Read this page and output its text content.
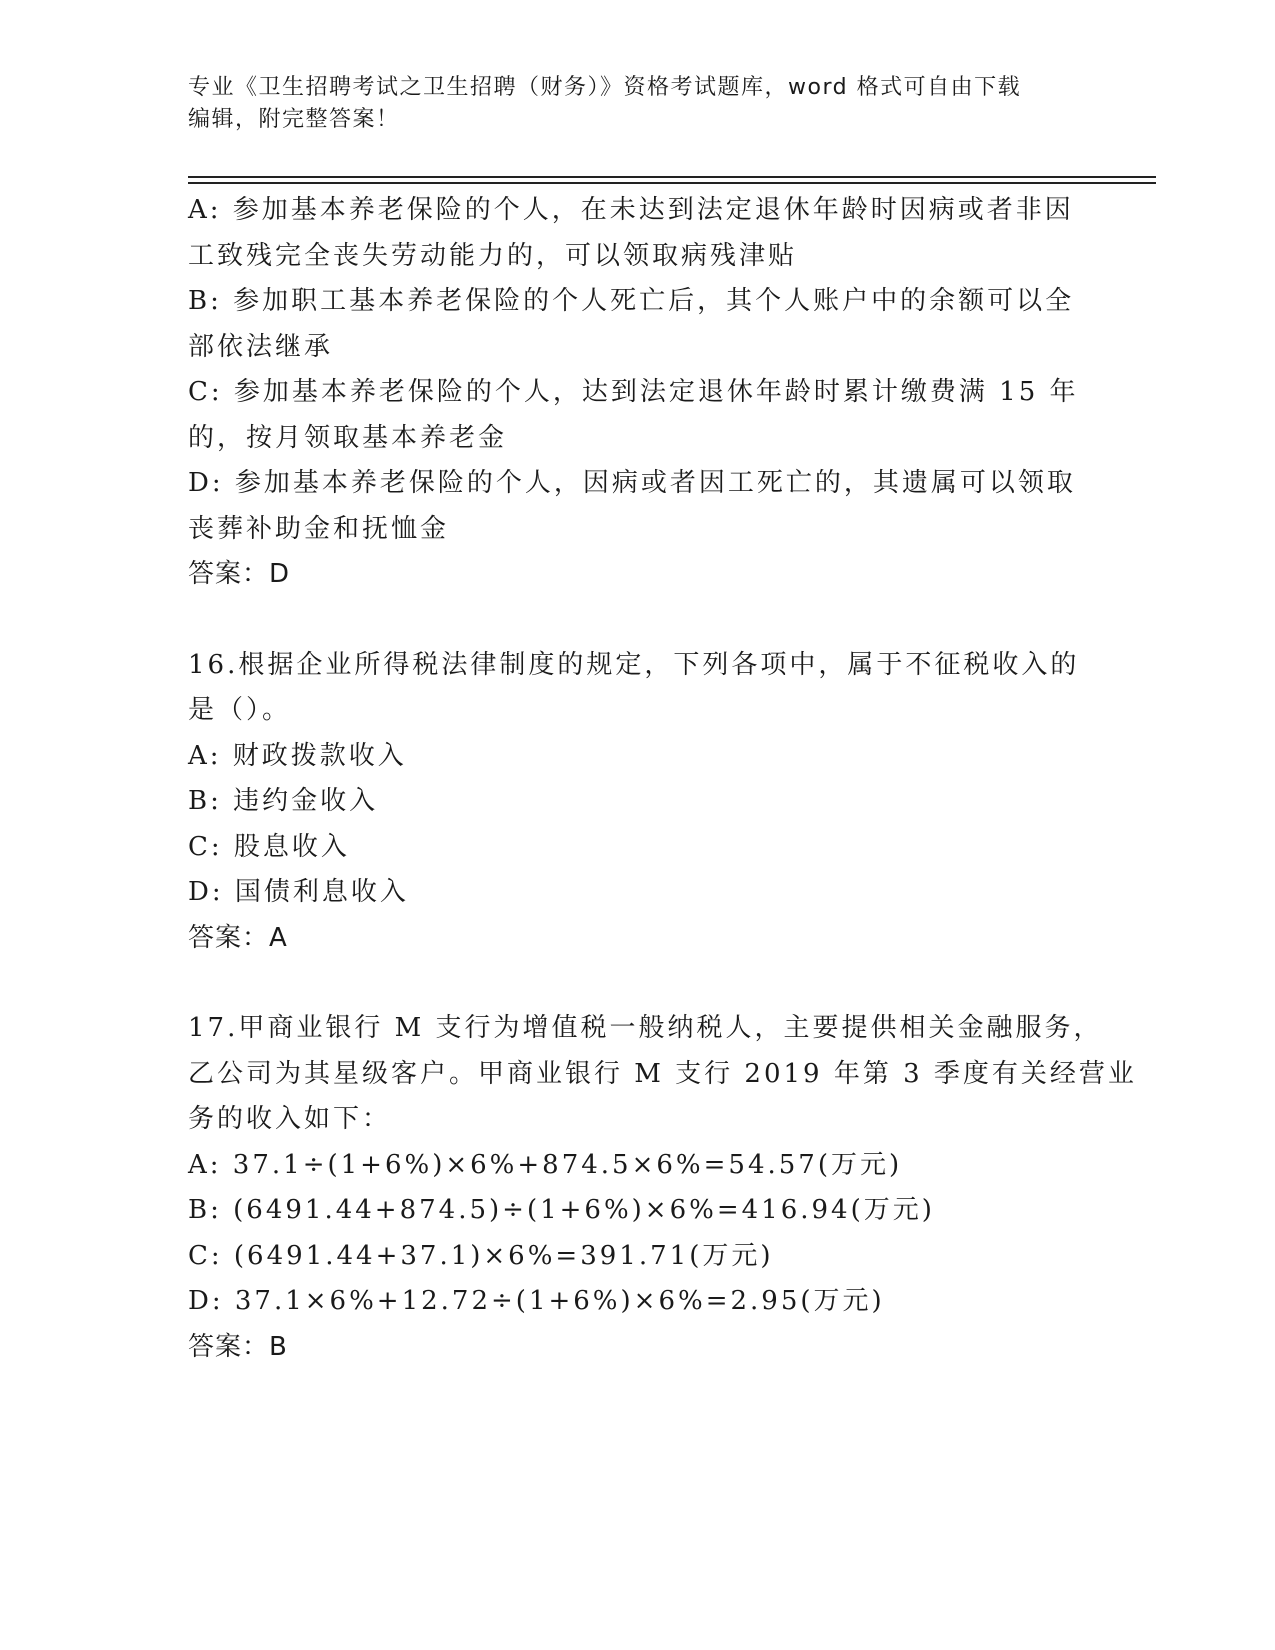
专业《卫生招聘考试之卫生招聘（财务）》资格考试题库，word 格式可自由下载
编辑，附完整答案！
A: 参加基本养老保险的个人，在未达到法定退休年龄时因病或者非因
工致残完全丧失劳动能力的，可以领取病残津贴
B: 参加职工基本养老保险的个人死亡后，其个人账户中的余额可以全
部依法继承
C: 参加基本养老保险的个人，达到法定退休年龄时累计缴费满 15 年
的，按月领取基本养老金
D: 参加基本养老保险的个人，因病或者因工死亡的，其遗属可以领取
丧葬补助金和抚恤金
答案：D
16.根据企业所得税法律制度的规定，下列各项中，属于不征税收入的
是（）。
A: 财政拨款收入
B: 违约金收入
C: 股息收入
D: 国债利息收入
答案：A
17.甲商业银行 M 支行为增值税一般纳税人，主要提供相关金融服务，
乙公司为其星级客户。甲商业银行 M 支行 2019 年第 3 季度有关经营业
务的收入如下：
A: 37.1÷(1+6%)×6%+874.5×6%=54.57(万元)
B: (6491.44+874.5)÷(1+6%)×6%=416.94(万元)
C: (6491.44+37.1)×6%=391.71(万元)
D: 37.1×6%+12.72÷(1+6%)×6%=2.95(万元)
答案：B
